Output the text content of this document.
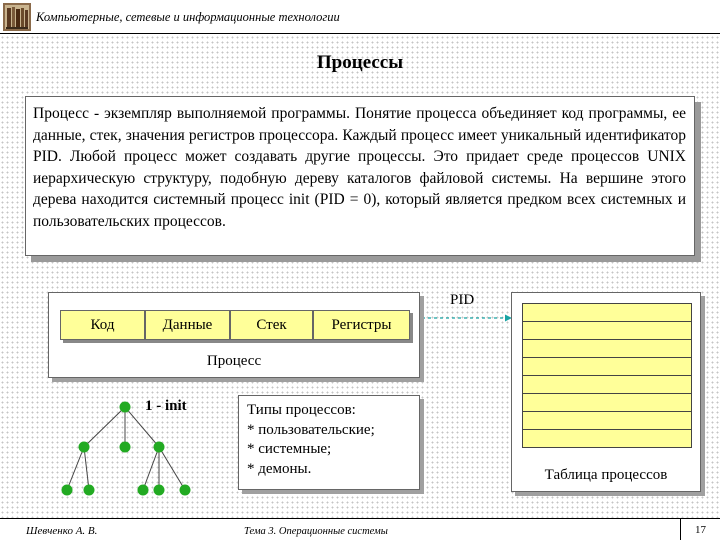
Компьютерные, сетевые и информационные технологии
Процессы
Процесс - экземпляр выполняемой программы. Понятие процесса объединяет код программы, ее данные, стек, значения регистров процессора. Каждый процесс имеет уникальный идентификатор PID. Любой процесс может создавать другие процессы. Это придает среде процессов UNIX иерархическую структуру, подобную дереву каталогов файловой системы. На вершине этого дерева находится системный процесс init (PID = 0), который является предком всех системных и пользовательских процессов.
Процесс
Код	Данные	Стек	Регистры
PID
Таблица процессов
1 - init	Типы процессов:
* пользовательские;
* системные;
* демоны.
Шевченко А. В.	Тема 3. Операционные системы	17
